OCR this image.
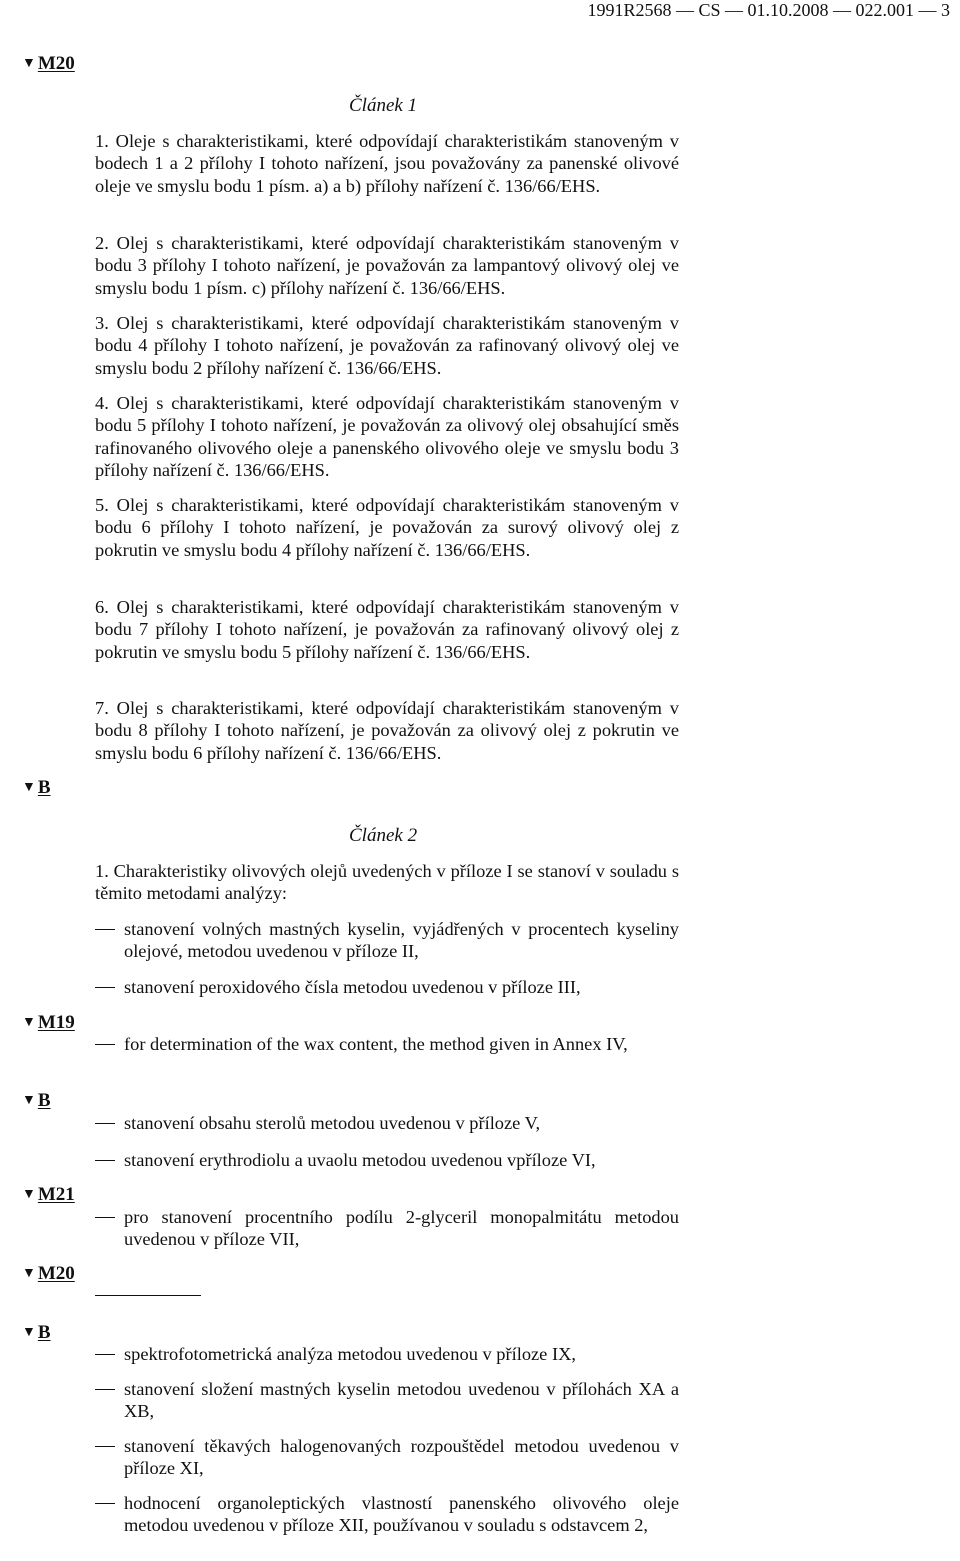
1991R2568 — CS — 01.10.2008 — 022.001 — 3
▼ M20
▼ B
▼ M19
▼ B
▼ M21
▼ M20
▼ B
Článek 1
1. Oleje s charakteristikami, které odpovídají charakteristikám stanoveným v bodech 1 a 2 přílohy I tohoto nařízení, jsou považovány za panenské olivové oleje ve smyslu bodu 1 písm. a) a b) přílohy nařízení č. 136/66/EHS.
2. Olej s charakteristikami, které odpovídají charakteristikám stanoveným v bodu 3 přílohy I tohoto nařízení, je považován za lampantový olivový olej ve smyslu bodu 1 písm. c) přílohy nařízení č. 136/66/EHS.
3. Olej s charakteristikami, které odpovídají charakteristikám stanoveným v bodu 4 přílohy I tohoto nařízení, je považován za rafinovaný olivový olej ve smyslu bodu 2 přílohy nařízení č. 136/66/EHS.
4. Olej s charakteristikami, které odpovídají charakteristikám stanoveným v bodu 5 přílohy I tohoto nařízení, je považován za olivový olej obsahující směs rafinovaného olivového oleje a panenského olivového oleje ve smyslu bodu 3 přílohy nařízení č. 136/66/EHS.
5. Olej s charakteristikami, které odpovídají charakteristikám stanoveným v bodu 6 přílohy I tohoto nařízení, je považován za surový olivový olej z pokrutin ve smyslu bodu 4 přílohy nařízení č. 136/66/EHS.
6. Olej s charakteristikami, které odpovídají charakteristikám stanoveným v bodu 7 přílohy I tohoto nařízení, je považován za rafinovaný olivový olej z pokrutin ve smyslu bodu 5 přílohy nařízení č. 136/66/EHS.
7. Olej s charakteristikami, které odpovídají charakteristikám stanoveným v bodu 8 přílohy I tohoto nařízení, je považován za olivový olej z pokrutin ve smyslu bodu 6 přílohy nařízení č. 136/66/EHS.
Článek 2
1. Charakteristiky olivových olejů uvedených v příloze I se stanoví v souladu s těmito metodami analýzy:
stanovení volných mastných kyselin, vyjádřených v procentech kyseliny olejové, metodou uvedenou v příloze II,
stanovení peroxidového čísla metodou uvedenou v příloze III,
for determination of the wax content, the method given in Annex IV,
stanovení obsahu sterolů metodou uvedenou v příloze V,
stanovení erythrodiolu a uvaolu metodou uvedenou vpříloze VI,
pro stanovení procentního podílu 2-glyceril monopalmitátu metodou uvedenou v příloze VII,
spektrofotometrická analýza metodou uvedenou v příloze IX,
stanovení složení mastných kyselin metodou uvedenou v přílohách XA a XB,
stanovení těkavých halogenovaných rozpouštědel metodou uvedenou v příloze XI,
hodnocení organoleptických vlastností panenského olivového oleje metodou uvedenou v příloze XII, používanou v souladu s odstavcem 2,
